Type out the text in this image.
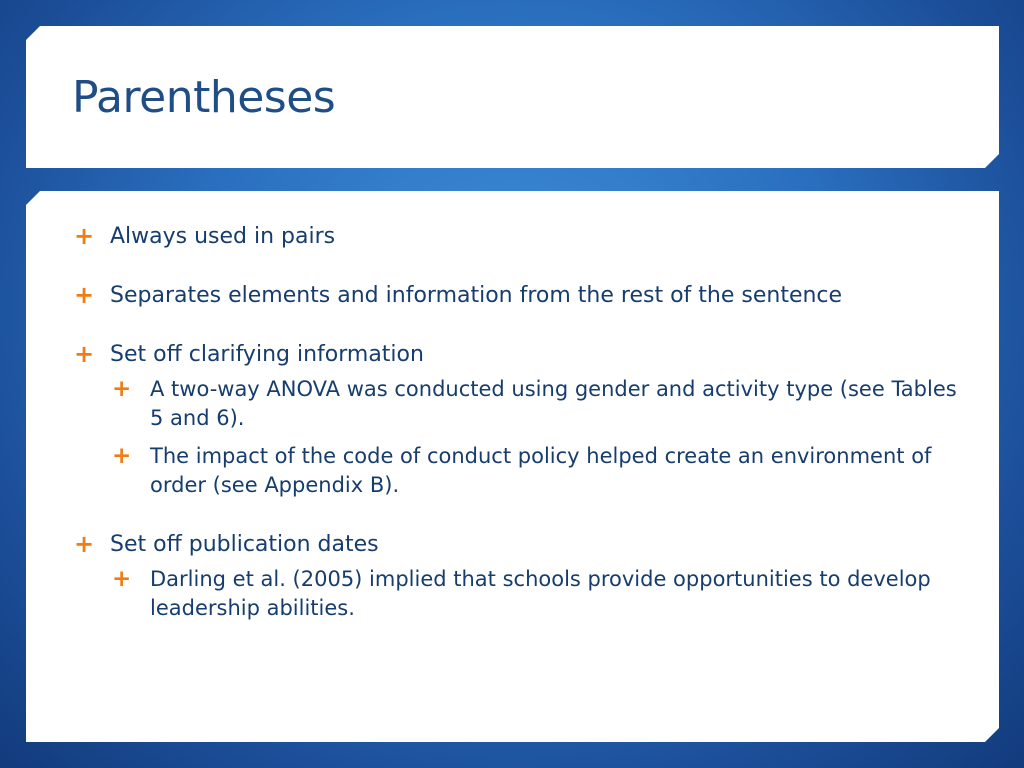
Parentheses
+ Always used in pairs
+ Separates elements and information from the rest of the sentence
+ Set off clarifying information
+ A two-way ANOVA was conducted using gender and activity type (see Tables 5 and 6).
+ The impact of the code of conduct policy helped create an environment of order (see Appendix B).
+ Set off publication dates
+ Darling et al. (2005) implied that schools provide opportunities to develop leadership abilities.
